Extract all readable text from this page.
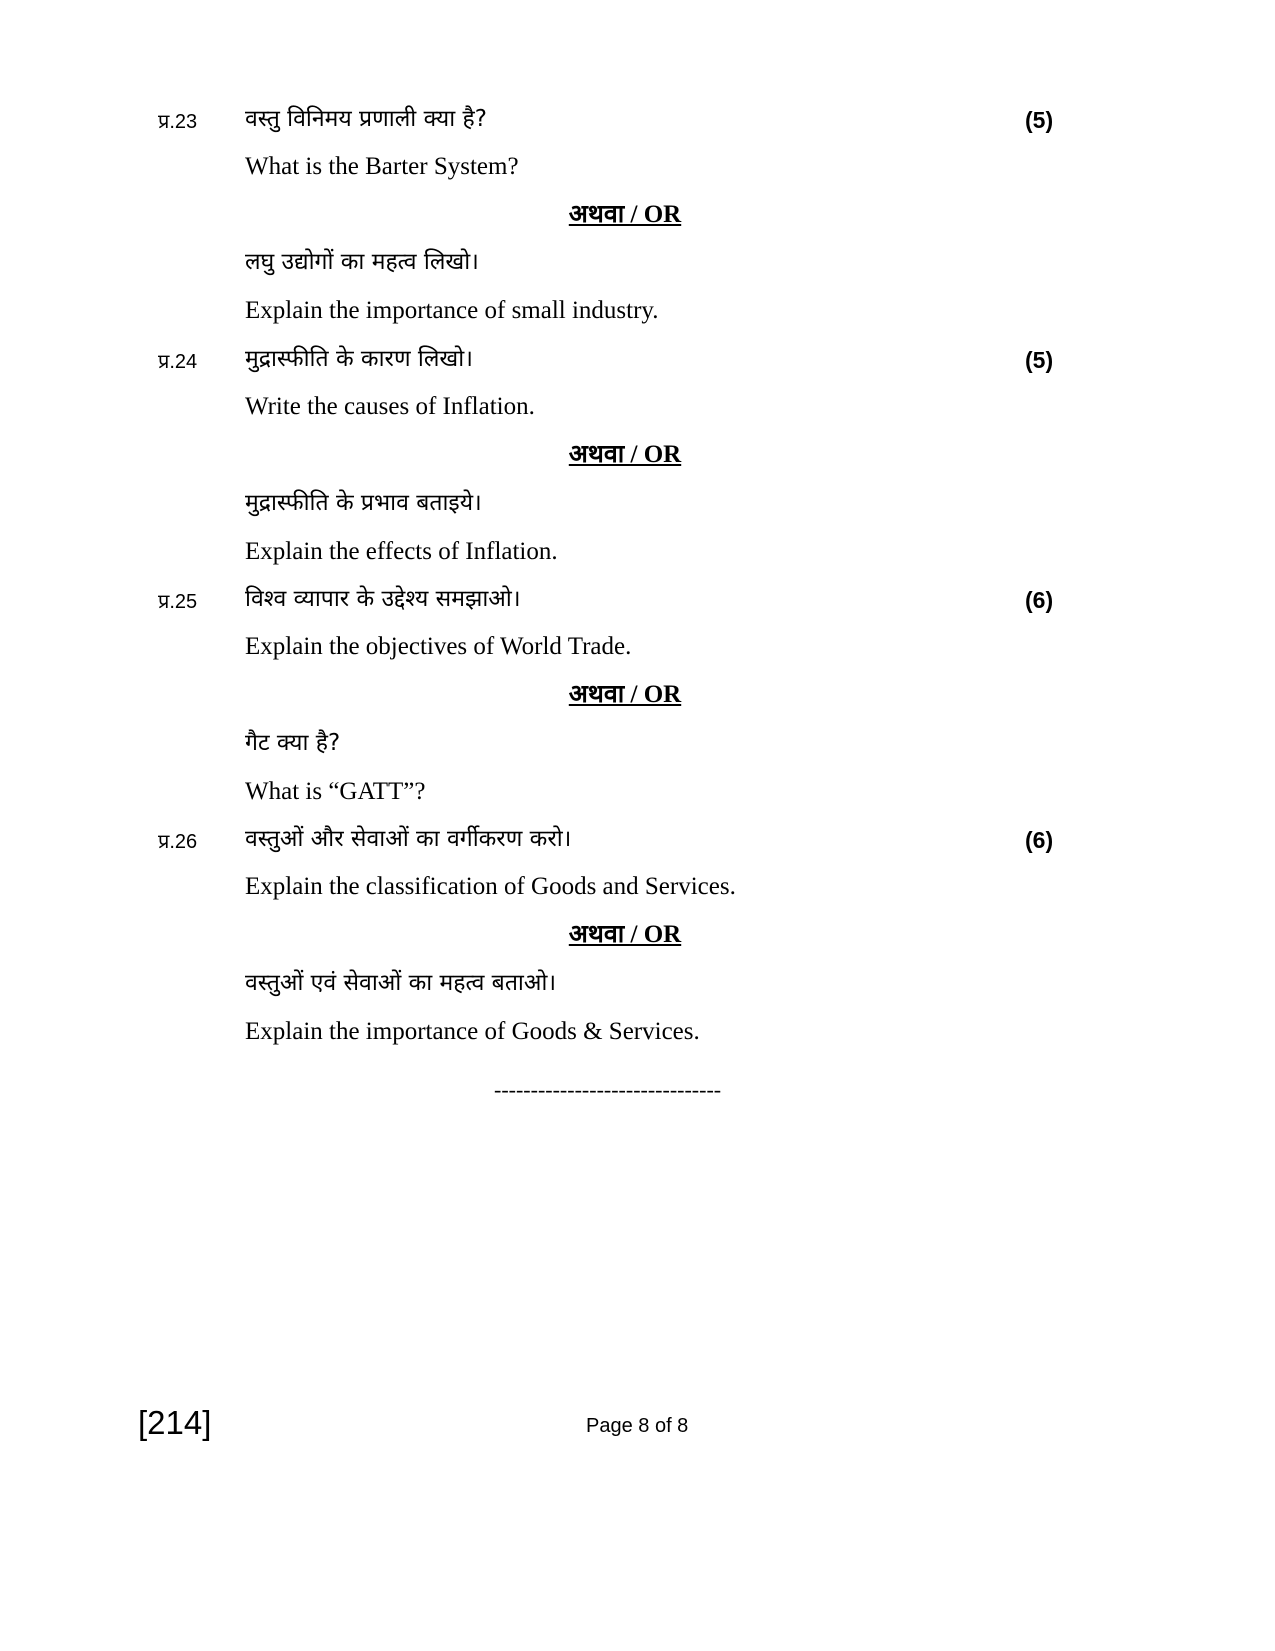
प्र.23 वस्तु विनिमय प्रणाली क्या है?	(5)
What is the Barter System?
अथवा / OR
लघु उद्योगों का महत्व लिखो।
Explain the importance of small industry.
प्र.24 मुद्रास्फीति के कारण लिखो।	(5)
Write the causes of Inflation.
अथवा / OR
मुद्रास्फीति के प्रभाव बताइये।
Explain the effects of Inflation.
प्र.25 विश्व व्यापार के उद्देश्य समझाओ।	(6)
Explain the objectives of World Trade.
अथवा / OR
गैट क्या है?
What is “GATT”?
प्र.26 वस्तुओं और सेवाओं का वर्गीकरण करो।	(6)
Explain the classification of Goods and Services.
अथवा / OR
वस्तुओं एवं सेवाओं का महत्व बताओ।
Explain the importance of Goods & Services.
-------------------------------
[214]	Page 8 of 8
